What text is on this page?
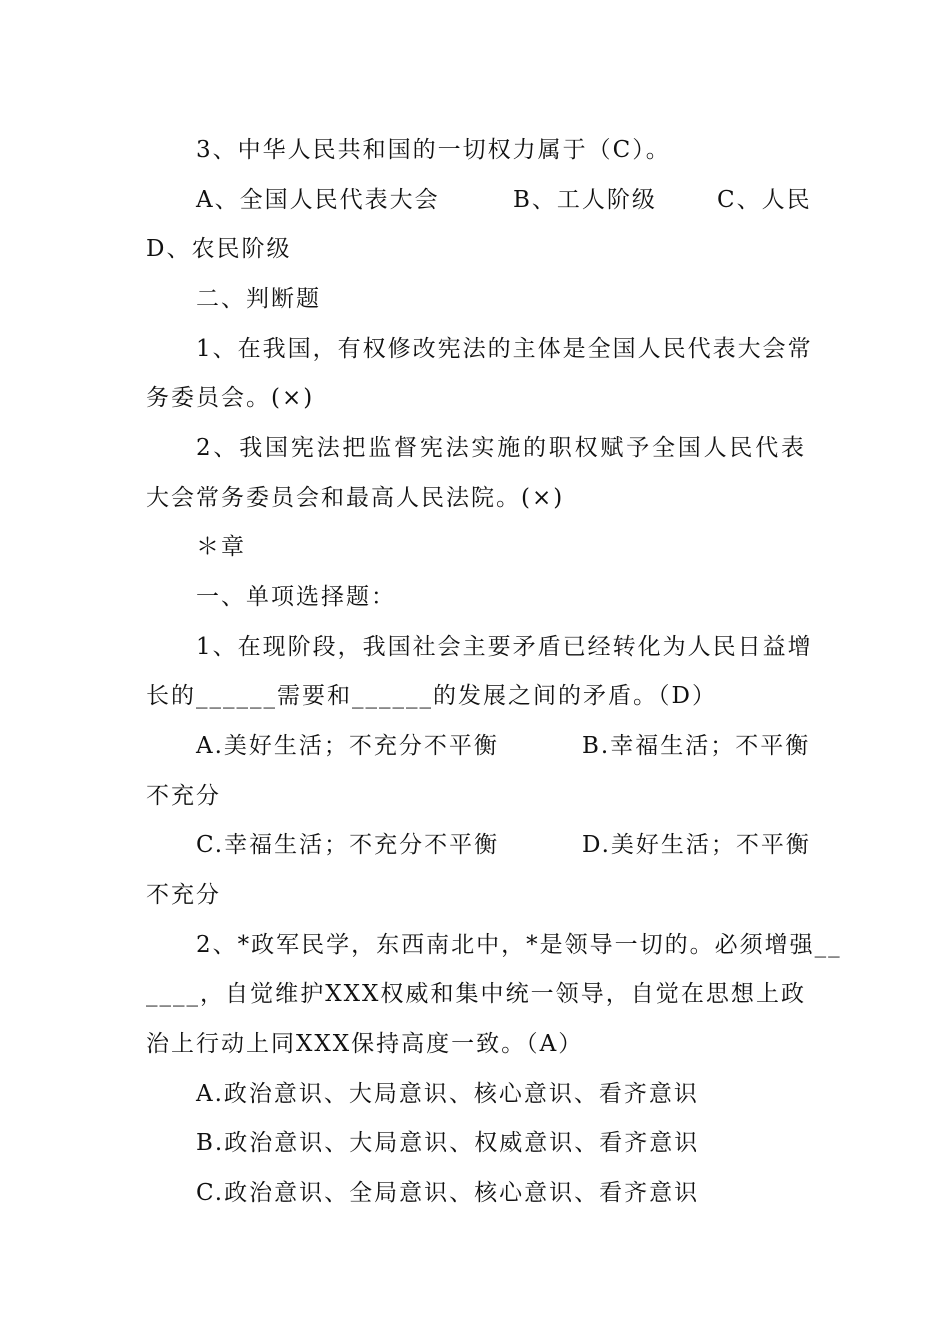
3、中华人民共和国的一切权力属于（C）。
A、全国人民代表大会	B、工人阶级	C、人民
D、农民阶级
二、判断题
1、在我国，有权修改宪法的主体是全国人民代表大会常
务委员会。(×)
2、我国宪法把监督宪法实施的职权赋予全国人民代表
大会常务委员会和最高人民法院。(×)
＊章
一、单项选择题：
1、在现阶段，我国社会主要矛盾已经转化为人民日益增
长的______需要和______的发展之间的矛盾。（D）
A.美好生活；不充分不平衡	B.幸福生活；不平衡
不充分
C.幸福生活；不充分不平衡	D.美好生活；不平衡
不充分
2、*政军民学，东西南北中，*是领导一切的。必须增强__
____，自觉维护XXX权威和集中统一领导，自觉在思想上政
治上行动上同XXX保持高度一致。（A）
A.政治意识、大局意识、核心意识、看齐意识
B.政治意识、大局意识、权威意识、看齐意识
C.政治意识、全局意识、核心意识、看齐意识
